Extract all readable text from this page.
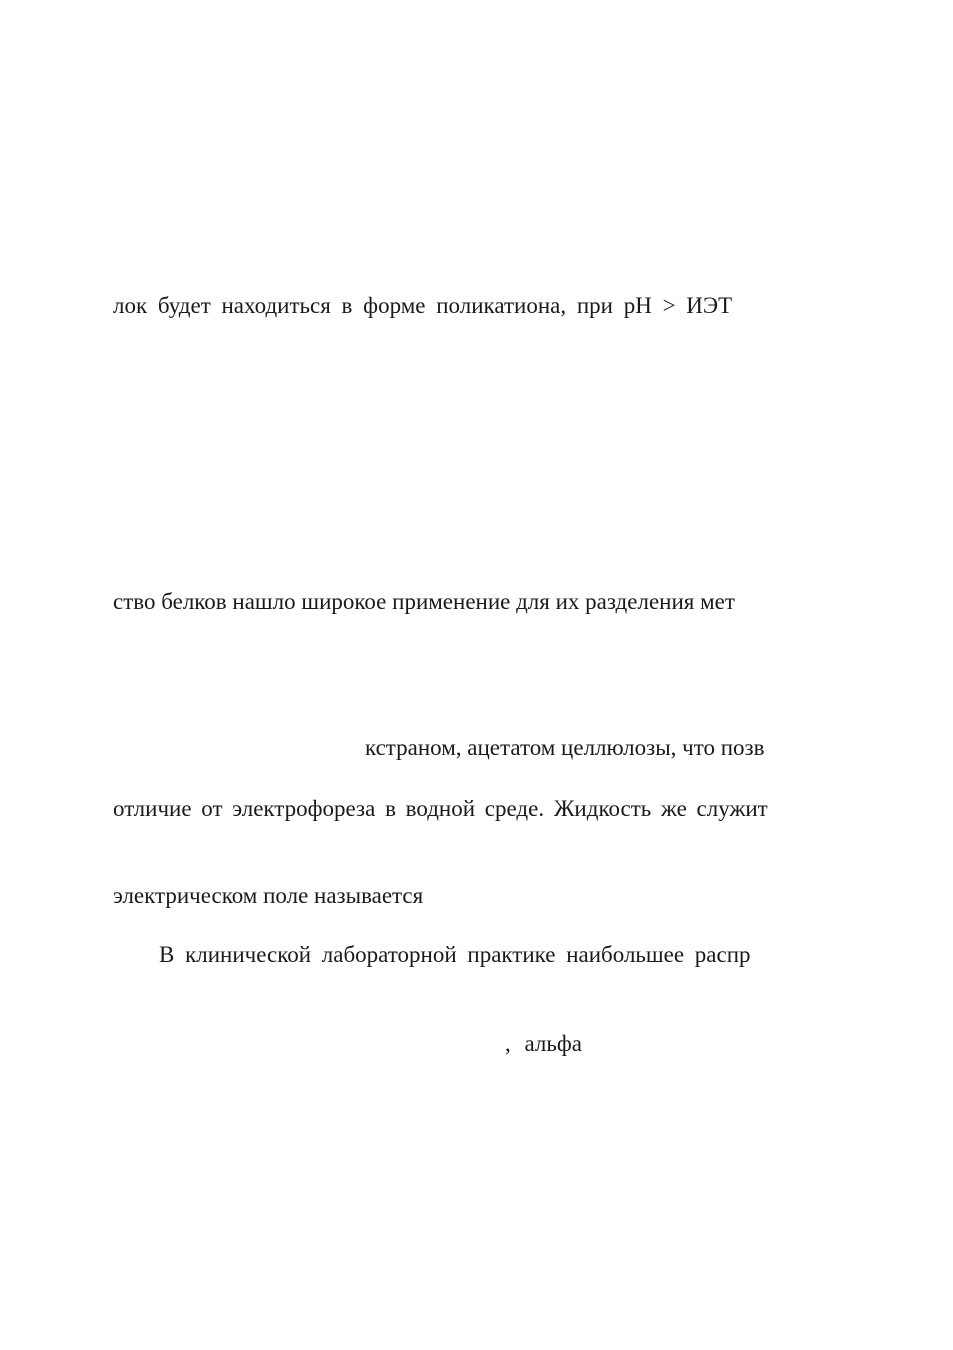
лок будет находиться в форме поликатиона, при рН > ИЭТ
ство белков нашло широкое применение для их разделения мет
кстраном, ацетатом целлюлозы, что позв
отличие от электрофореза в водной среде. Жидкость же служит
электрическом поле называется
В клинической лабораторной практике наибольшее распр
, альфа
